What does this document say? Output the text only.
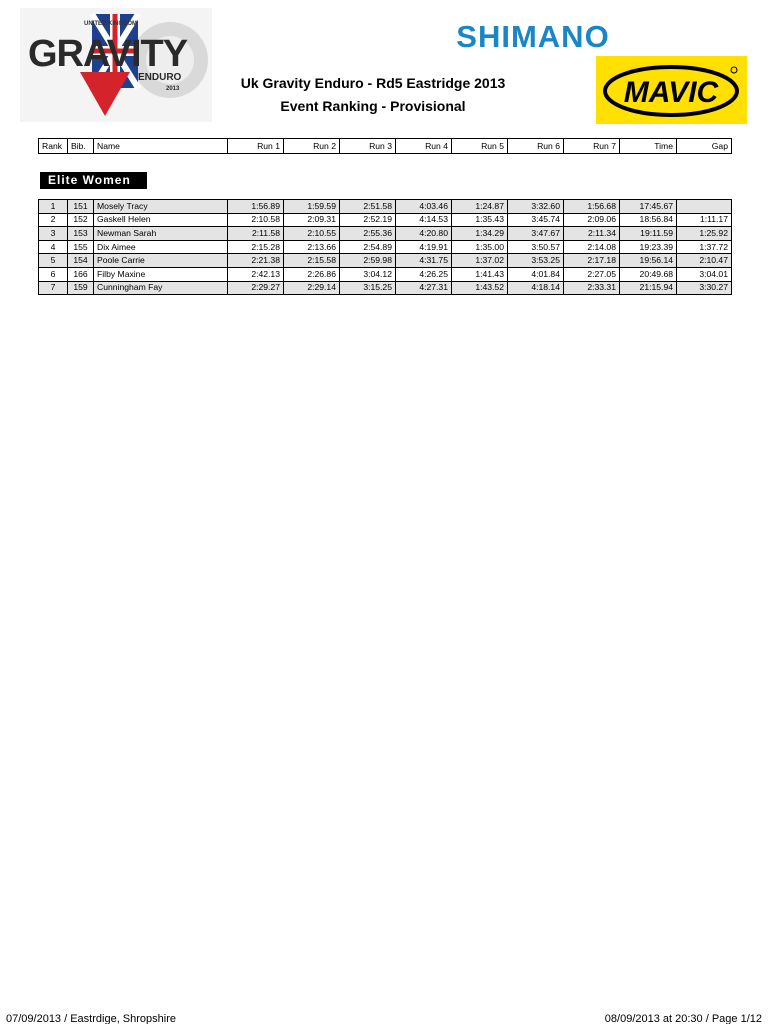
UNITED KINGDOM
GRAVITY
ENDURO
2013
SHIMANO
MAVIC
Uk Gravity Enduro - Rd5 Eastridge 2013
Event Ranking - Provisional
Rank	Bib.	Name	Run 1	Run 2	Run 3	Run 4	Run 5	Run 6	Run 7	Time	Gap
Elite Women
1	151	Mosely Tracy	1:56.89	1:59.59	2:51.58	4:03.46	1:24.87	3:32.60	1:56.68	17:45.67	
2	152	Gaskell Helen	2:10.58	2:09.31	2:52.19	4:14.53	1:35.43	3:45.74	2:09.06	18:56.84	1:11.17
3	153	Newman Sarah	2:11.58	2:10.55	2:55.36	4:20.80	1:34.29	3:47.67	2:11.34	19:11.59	1:25.92
4	155	Dix Aimee	2:15.28	2:13.66	2:54.89	4:19.91	1:35.00	3:50.57	2:14.08	19:23.39	1:37.72
5	154	Poole Carrie	2:21.38	2:15.58	2:59.98	4:31.75	1:37.02	3:53.25	2:17.18	19:56.14	2:10.47
6	166	Filby Maxine	2:42.13	2:26.86	3:04.12	4:26.25	1:41.43	4:01.84	2:27.05	20:49.68	3:04.01
7	159	Cunningham Fay	2:29.27	2:29.14	3:15.25	4:27.31	1:43.52	4:18.14	2:33.31	21:15.94	3:30.27
07/09/2013 / Eastrdige, Shropshire	08/09/2013 at 20:30 / Page 1/12
